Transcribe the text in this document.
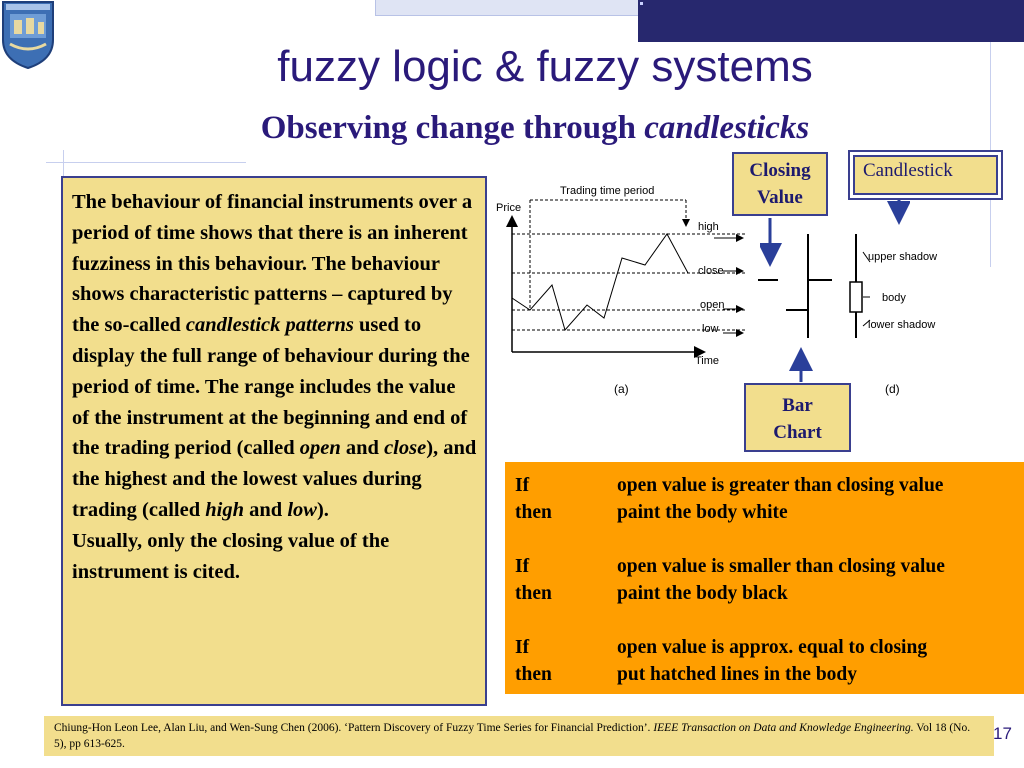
fuzzy logic & fuzzy systems
Observing change through candlesticks
The behaviour of financial instruments over a period of time shows that there is an inherent fuzziness in this behaviour. The behaviour shows characteristic patterns – captured by the so-called candlestick patterns used to display the full range of behaviour during the period of time. The range includes the value of the instrument at the beginning and end of the trading period (called open and close), and the highest and the lowest values during trading (called high and low).
Usually, only the closing value of the instrument is cited.
Price
Time
Trading time period
high
close
open
low
upper shadow
body
lower shadow
(a)	(d)
Closing
Value
Candlestick
Bar
Chart
If	open value is greater than closing value
then	paint the body white
If	open value is smaller than closing value
then	paint the body black
If	open value is approx. equal to closing
then	put hatched lines in the body
Chiung-Hon Leon Lee, Alan Liu, and Wen-Sung Chen (2006). ‘Pattern Discovery of Fuzzy Time Series for Financial Prediction’. IEEE Transaction on Data and Knowledge Engineering. Vol 18 (No. 5), pp 613-625.
17
